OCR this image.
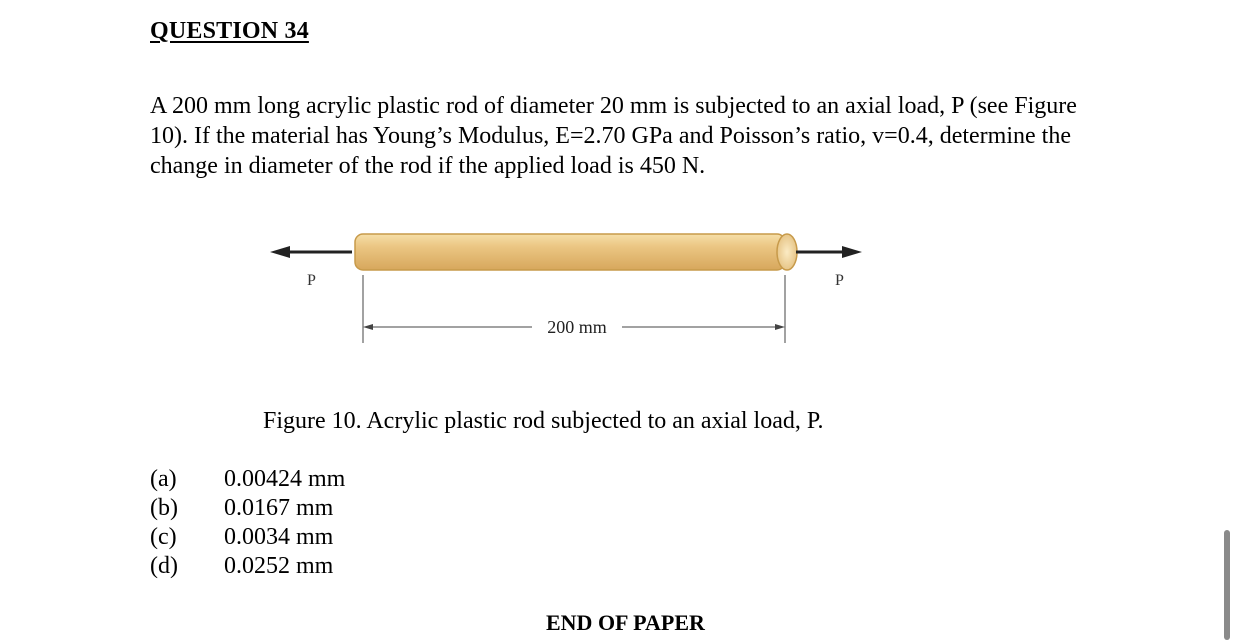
QUESTION 34

A 200 mm long acrylic plastic rod of diameter 20 mm is subjected to an axial load, P (see Figure

10). If the material has Young’s Modulus, E=2.70 GPa and Poisson’s ratio, v=0.4, determine the

change in diameter of the rod if the applied load is 450 N.

P	P
200 mm
Figure 10. Acrylic plastic rod subjected to an axial load, P.
(a)	0.00424 mm
(b)	0.0167 mm
(c)	0.0034 mm
(d)	0.0252 mm
END OF PAPER
